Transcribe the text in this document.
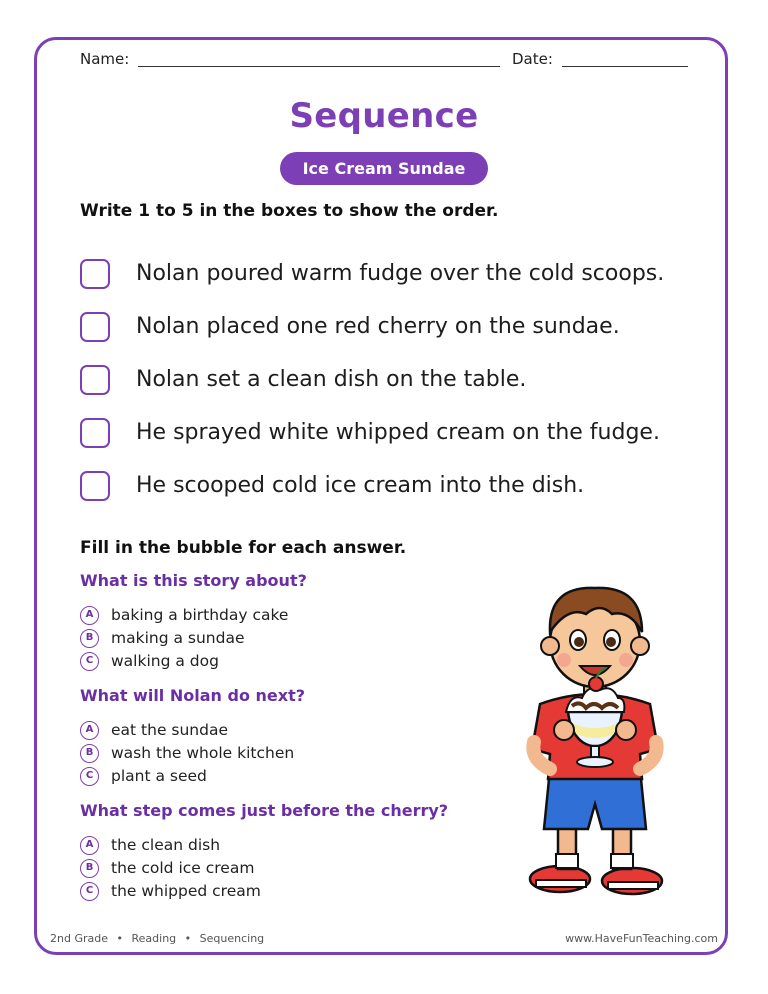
Name:	Date:
Sequence
Ice Cream Sundae
Write 1 to 5 in the boxes to show the order.
Nolan poured warm fudge over the cold scoops.
Nolan placed one red cherry on the sundae.
Nolan set a clean dish on the table.
He sprayed white whipped cream on the fudge.
He scooped cold ice cream into the dish.
Fill in the bubble for each answer.
What is this story about?
A	baking a birthday cake
B	making a sundae
C	walking a dog
What will Nolan do next?
A	eat the sundae
B	wash the whole kitchen
C	plant a seed
What step comes just before the cherry?
A	the clean dish
B	the cold ice cream
C	the whipped cream
2nd Grade • Reading • Sequencing	www.HaveFunTeaching.com
